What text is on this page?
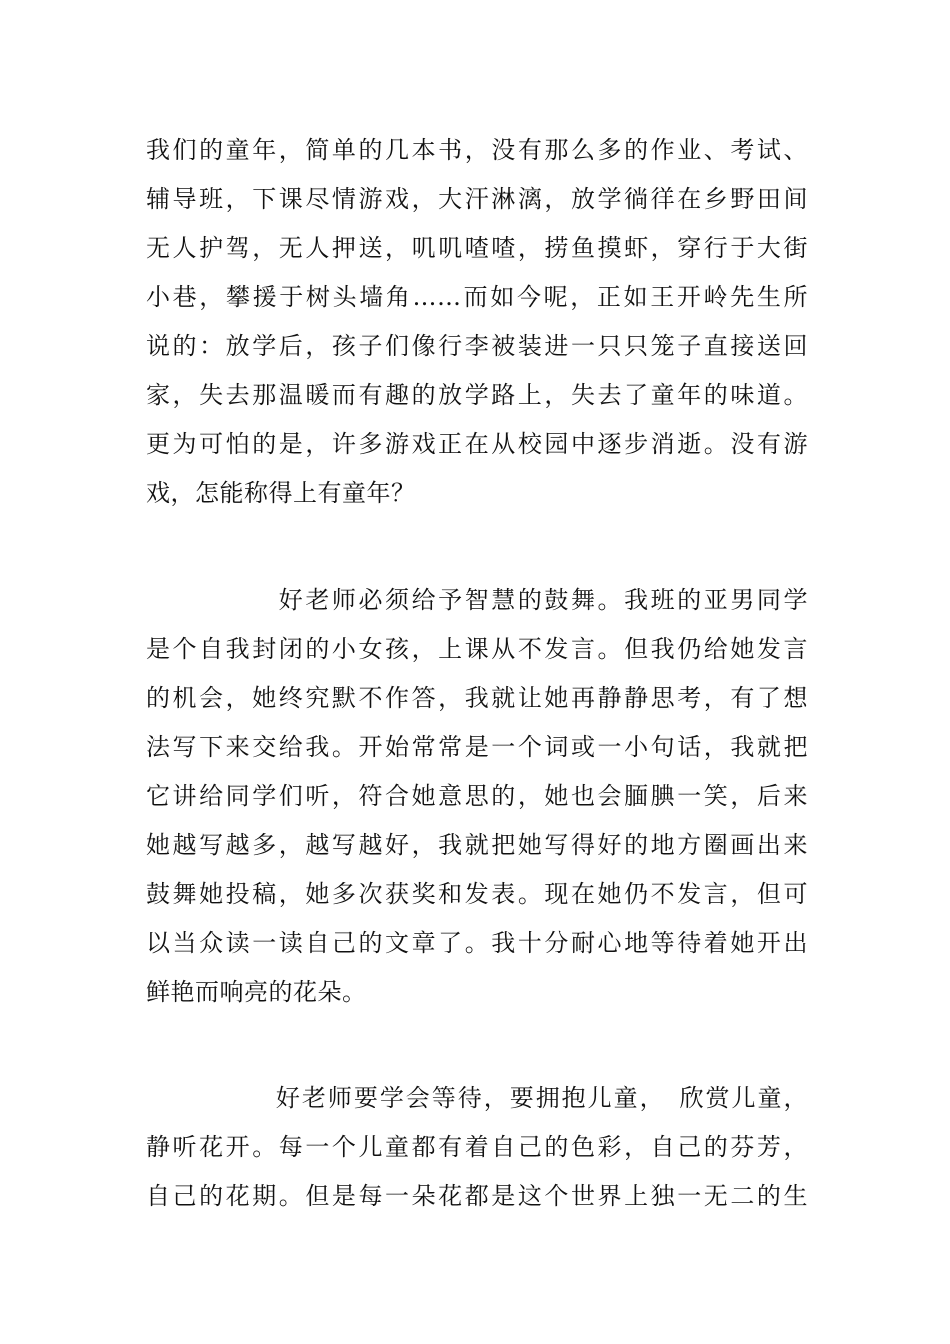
我们的童年，简单的几本书，没有那么多的作业、考试、
辅导班，下课尽情游戏，大汗淋漓，放学徜徉在乡野田间
无人护驾，无人押送，叽叽喳喳，捞鱼摸虾，穿行于大街
小巷，攀援于树头墙角……而如今呢，正如王开岭先生所
说的：放学后，孩子们像行李被装进一只只笼子直接送回
家，失去那温暖而有趣的放学路上，失去了童年的味道。
更为可怕的是，许多游戏正在从校园中逐步消逝。没有游
戏，怎能称得上有童年？
　　　　　好老师必须给予智慧的鼓舞。我班的亚男同学
是个自我封闭的小女孩，上课从不发言。但我仍给她发言
的机会，她终究默不作答，我就让她再静静思考，有了想
法写下来交给我。开始常常是一个词或一小句话，我就把
它讲给同学们听，符合她意思的，她也会腼腆一笑，后来
她越写越多，越写越好，我就把她写得好的地方圈画出来
鼓舞她投稿，她多次获奖和发表。现在她仍不发言，但可
以当众读一读自己的文章了。我十分耐心地等待着她开出
鲜艳而响亮的花朵。
　　　　　好老师要学会等待，要拥抱儿童，　欣赏儿童，
静听花开。每一个儿童都有着自己的色彩，自己的芬芳，
自己的花期。但是每一朵花都是这个世界上独一无二的生
